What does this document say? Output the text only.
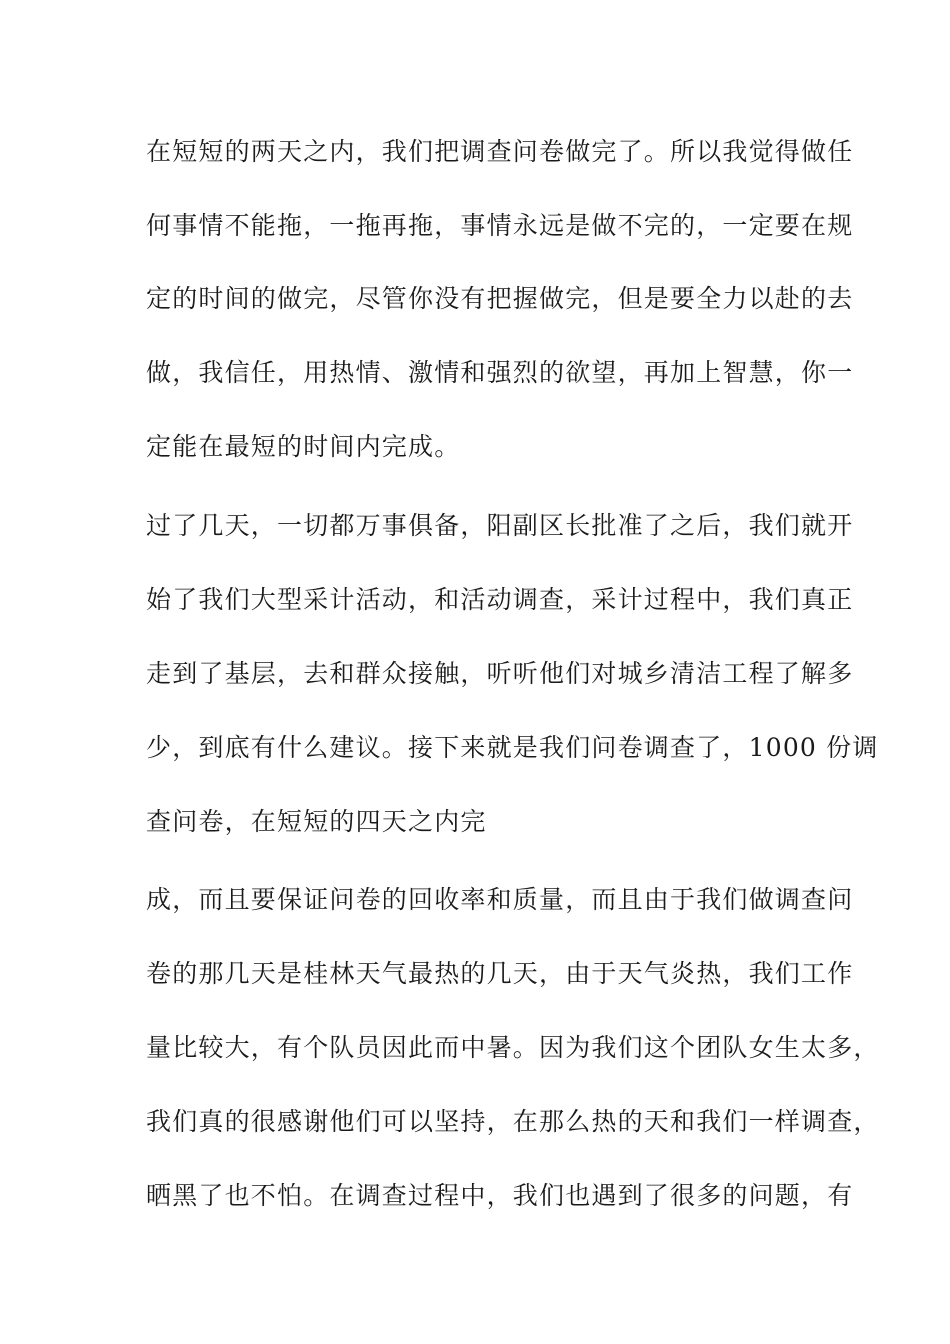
在短短的两天之内，我们把调查问卷做完了。所以我觉得做任
何事情不能拖，一拖再拖，事情永远是做不完的，一定要在规
定的时间的做完，尽管你没有把握做完，但是要全力以赴的去
做，我信任，用热情、激情和强烈的欲望，再加上智慧，你一
定能在最短的时间内完成。
过了几天，一切都万事俱备，阳副区长批准了之后，我们就开
始了我们大型采计活动，和活动调查，采计过程中，我们真正
走到了基层，去和群众接触，听听他们对城乡清洁工程了解多
少，到底有什么建议。接下来就是我们问卷调查了，1000 份调
查问卷，在短短的四天之内完
成，而且要保证问卷的回收率和质量，而且由于我们做调查问
卷的那几天是桂林天气最热的几天，由于天气炎热，我们工作
量比较大，有个队员因此而中暑。因为我们这个团队女生太多，
我们真的很感谢他们可以坚持，在那么热的天和我们一样调查，
晒黑了也不怕。在调查过程中，我们也遇到了很多的问题，有
